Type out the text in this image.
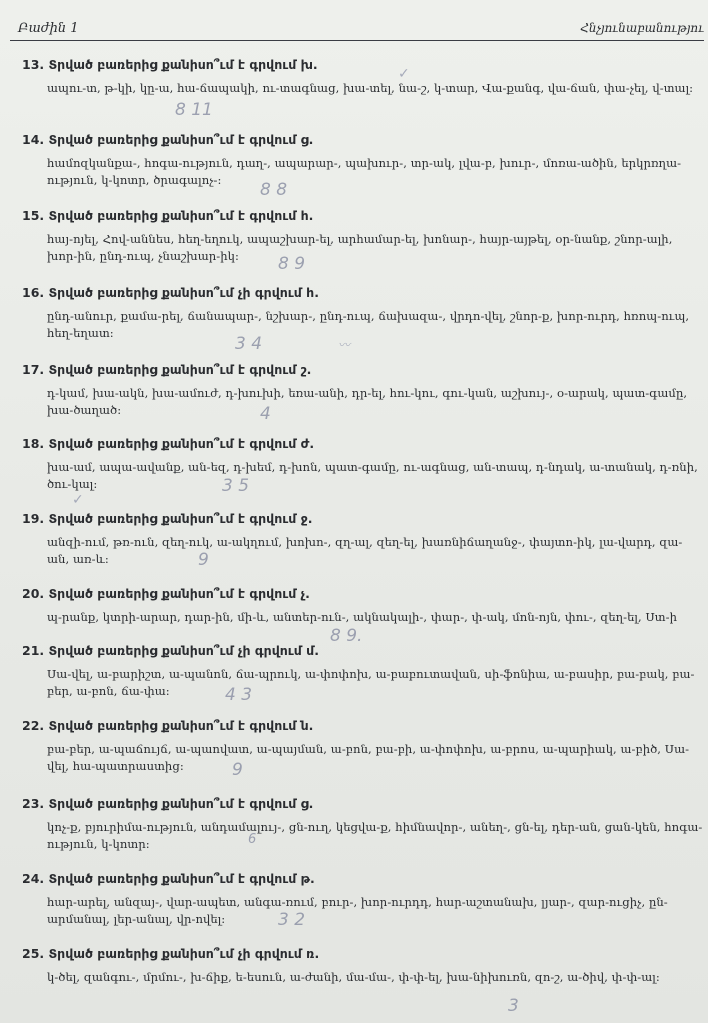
Բաժին 1	Հնչյունաբանությու
13. Տրված բառերից քանիսո՞ւմ է գրվում խ.
ապու-տ, թ-կի, կը-ա, հա-ճապակի, ու-տագնաց, խա-տել, նա-շ, կ-տար, Վա-քանգ, վա-ճան, փա-չել, վ-տալ:
8 11
14. Տրված բառերից քանիսո՞ւմ է գրվում ց.
համոզկանքա-, հոգա-ություն, դաղ-, ապարար-, պախուր-, տր-ակ, լվա-բ, խուր-, մոռա-ածին, երկրռղա-ություն, կ-կոտր, ծրագալոչ-:	8 8
15. Տրված բառերից քանիսո՞ւմ է գրվում հ.
հայ-ոյել, Հով-աննես, հեղ-եղուկ, ապաշխար-ել, արհամար-ել, խոնար-, հայր-այթել, օր-նանք, շնոր-ալի, խոր-ին, ընդ-ուպ, չնաշխար-իկ:	8 9
16. Տրված բառերից քանիսո՞ւմ չի գրվում հ.
ընդ-անուր, քամա-րել, ճանապար-, նշխար-, ընդ-ուպ, ճախազա-, վրդո-վել, շնոր-ք, խոր-ուրդ, հռոպ-ուպ, հեղ-եղատ:
3 4
17. Տրված բառերից քանիսո՞ւմ է գրվում շ.
դ-կամ, խա-ակն, խա-ամուժ, դ-խուխի, եռա-անի, դր-ել, հու-կու, գու-կան, աշխույ-, օ-արակ, պատ-գամը, խա-ծաղած:	4
18. Տրված բառերից քանիսո՞ւմ է գրվում ժ.
խա-ամ, ապա-ավանք, ան-եզ, դ-խեմ, դ-խոն, պատ-գամը, ու-ագնաց, ան-տապ, դ-նդակ, ա-տանակ, դ-ռնի, ծու-կալ:	3 5
19. Տրված բառերից քանիսո՞ւմ է գրվում ջ.
անզի-ում, թռ-ուն, զեղ-ուկ, ա-ակղում, խոխո-, զղ-ալ, զեղ-ել, խառնիճաղանջ-, փայտո-իկ, լա-վարդ, զա-ան, առ-և:	9
20. Տրված բառերից քանիսո՞ւմ է գրվում չ.
պ-րանք, կտրի-արար, դար-ին, մի-և, անտեր-ուն-, ակնակալի-, փար-, փ-ակ, մոն-ոյն, փու-, զեղ-ել, Ստ-ի
8 9.
21. Տրված բառերից քանիսո՞ւմ չի գրվում մ.
Սա-վել, ա-բարիշտ, ա-պանոն, ճա-պրուկ, ա-փոփոխ, ա-բաբուտավան, սի-ֆոնիա, ա-բասիր, բա-բակ, բա-բեր, ա-բոն, ճա-փա:	4 3
22. Տրված բառերից քանիսո՞ւմ է գրվում ն.
բա-բեր, ա-պաճույճ, ա-պաովատ, ա-պայման, ա-բոն, բա-բի, ա-փոփոխ, ա-բրոս, ա-պարիակ, ա-բիծ, Սա-վել, հա-պատրաստից:	9
23. Տրված բառերից քանիսո՞ւմ է գրվում ց.
կոչ-ք, բյուրիմա-ություն, անդամալույ-, ցն-ուղ, կեցվա-ք, հիմնավոր-, անեղ-, ցն-ել, դեր-ան, ցան-կեն, հոգա-ություն, կ-կոտր:	6
24. Տրված բառերից քանիսո՞ւմ է գրվում թ.
հար-արել, անզայ-, վար-ապետ, անգա-ռում, բուր-, խոր-ուրդդ, հար-աշտանախ, լյար-, զար-ուցիչ, ըն-արմանալ, լեր-անալ, վր-ովել:	3 2
25. Տրված բառերից քանիսո՞ւմ չի գրվում ռ.
կ-ծել, զանգու-, մրմու-, խ-ճիք, ե-եսուն, ա-ժանի, մա-մա-, փ-փ-ել, խա-նիխուռն, զո-շ, ա-ծիվ, փ-փ-ալ:
3
✓
〰
✓
